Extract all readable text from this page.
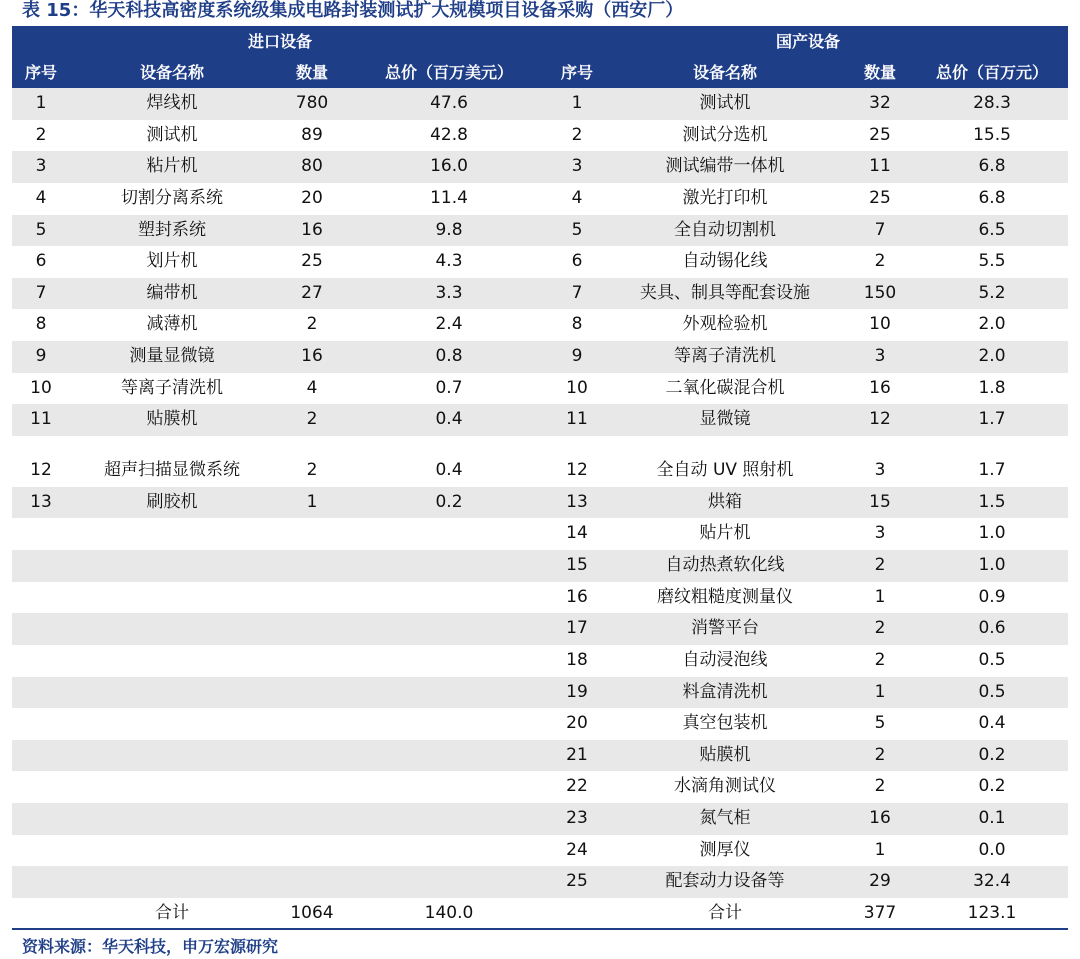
表 15：华天科技高密度系统级集成电路封装测试扩大规模项目设备采购（西安厂）
进口设备	国产设备
序号	设备名称	数量	总价（百万美元）	序号	设备名称	数量	总价（百万元）
1	焊线机	780	47.6	1	测试机	32	28.3
2	测试机	89	42.8	2	测试分选机	25	15.5
3	粘片机	80	16.0	3	测试编带一体机	11	6.8
4	切割分离系统	20	11.4	4	激光打印机	25	6.8
5	塑封系统	16	9.8	5	全自动切割机	7	6.5
6	划片机	25	4.3	6	自动锡化线	2	5.5
7	编带机	27	3.3	7	夹具、制具等配套设施	150	5.2
8	减薄机	2	2.4	8	外观检验机	10	2.0
9	测量显微镜	16	0.8	9	等离子清洗机	3	2.0
10	等离子清洗机	4	0.7	10	二氧化碳混合机	16	1.8
11	贴膜机	2	0.4	11	显微镜	12	1.7
12	超声扫描显微系统	2	0.4	12	全自动 UV 照射机	3	1.7
13	刷胶机	1	0.2	13	烘箱	15	1.5
14	贴片机	3	1.0
15	自动热煮软化线	2	1.0
16	磨纹粗糙度测量仪	1	0.9
17	消警平台	2	0.6
18	自动浸泡线	2	0.5
19	料盒清洗机	1	0.5
20	真空包装机	5	0.4
21	贴膜机	2	0.2
22	水滴角测试仪	2	0.2
23	氮气柜	16	0.1
24	测厚仪	1	0.0
25	配套动力设备等	29	32.4
合计	1064	140.0	合计	377	123.1
资料来源：华天科技，申万宏源研究
